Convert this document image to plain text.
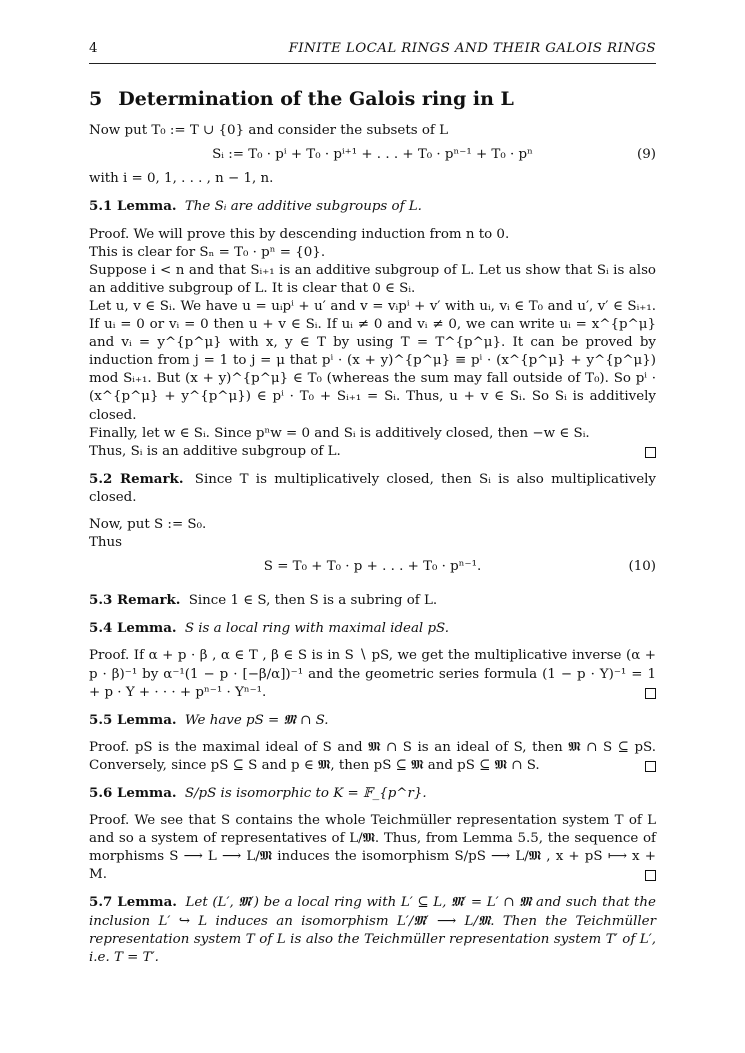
4	FINITE LOCAL RINGS AND THEIR GALOIS RINGS
5 Determination of the Galois ring in L

Now put T₀ := T ∪ {0} and consider the subsets of L

Sᵢ := T₀ · pⁱ + T₀ · pⁱ⁺¹ + . . . + T₀ · pⁿ⁻¹ + T₀ · pⁿ	(9)

with i = 0, 1, . . . , n − 1, n.

5.1 Lemma. The Sᵢ are additive subgroups of L.

Proof. We will prove this by descending induction from n to 0.
This is clear for Sₙ = T₀ · pⁿ = {0}.

Suppose i < n and that Sᵢ₊₁ is an additive subgroup of L. Let us show that Sᵢ is also an additive subgroup of L. It is clear that 0 ∈ Sᵢ.

Let u, v ∈ Sᵢ. We have u = uᵢpⁱ + u′ and v = vᵢpⁱ + v′ with uᵢ, vᵢ ∈ T₀ and u′, v′ ∈ Sᵢ₊₁. If uᵢ = 0 or vᵢ = 0 then u + v ∈ Sᵢ. If uᵢ ≠ 0 and vᵢ ≠ 0, we can write uᵢ = x^{p^μ} and vᵢ = y^{p^μ} with x, y ∈ T by using T = T^{p^μ}. It can be proved by induction from j = 1 to j = μ that pⁱ · (x + y)^{p^μ} ≡ pⁱ · (x^{p^μ} + y^{p^μ}) mod Sᵢ₊₁. But (x + y)^{p^μ} ∈ T₀ (whereas the sum may fall outside of T₀). So pⁱ · (x^{p^μ} + y^{p^μ}) ∈ pⁱ · T₀ + Sᵢ₊₁ = Sᵢ. Thus, u + v ∈ Sᵢ. So Sᵢ is additively closed.

Finally, let w ∈ Sᵢ. Since pⁿw = 0 and Sᵢ is additively closed, then −w ∈ Sᵢ.
Thus, Sᵢ is an additive subgroup of L.

5.2 Remark. Since T is multiplicatively closed, then Sᵢ is also multiplicatively closed.

Now, put S := S₀.
Thus
S = T₀ + T₀ · p + . . . + T₀ · pⁿ⁻¹.	(10)

5.3 Remark. Since 1 ∈ S, then S is a subring of L.

5.4 Lemma. S is a local ring with maximal ideal pS.

Proof. If α + p · β , α ∈ T , β ∈ S is in S ∖ pS, we get the multiplicative inverse (α + p · β)⁻¹ by α⁻¹(1 − p · [−β/α])⁻¹ and the geometric series formula (1 − p · Y)⁻¹ = 1 + p · Y + · · · + pⁿ⁻¹ · Yⁿ⁻¹.

5.5 Lemma. We have pS = 𝕸 ∩ S.

Proof. pS is the maximal ideal of S and 𝕸 ∩ S is an ideal of S, then 𝕸 ∩ S ⊆ pS. Conversely, since pS ⊆ S and p ∈ 𝕸, then pS ⊆ 𝕸 and pS ⊆ 𝕸 ∩ S.

5.6 Lemma. S/pS is isomorphic to K = 𝔽_{p^r}.

Proof. We see that S contains the whole Teichmüller representation system T of L and so a system of representatives of L/𝕸. Thus, from Lemma 5.5, the sequence of morphisms S ⟶ L ⟶ L/𝕸 induces the isomorphism S/pS ⟶ L/𝕸 , x + pS ⟼ x + M.

5.7 Lemma. Let (L′, 𝕸′) be a local ring with L′ ⊆ L, 𝕸′ = L′ ∩ 𝕸 and such that the inclusion L′ ↪ L induces an isomorphism L′/𝕸′ ⟶ L/𝕸. Then the Teichmüller representation system T of L is also the Teichmüller representation system T′ of L′, i.e. T = T′.
